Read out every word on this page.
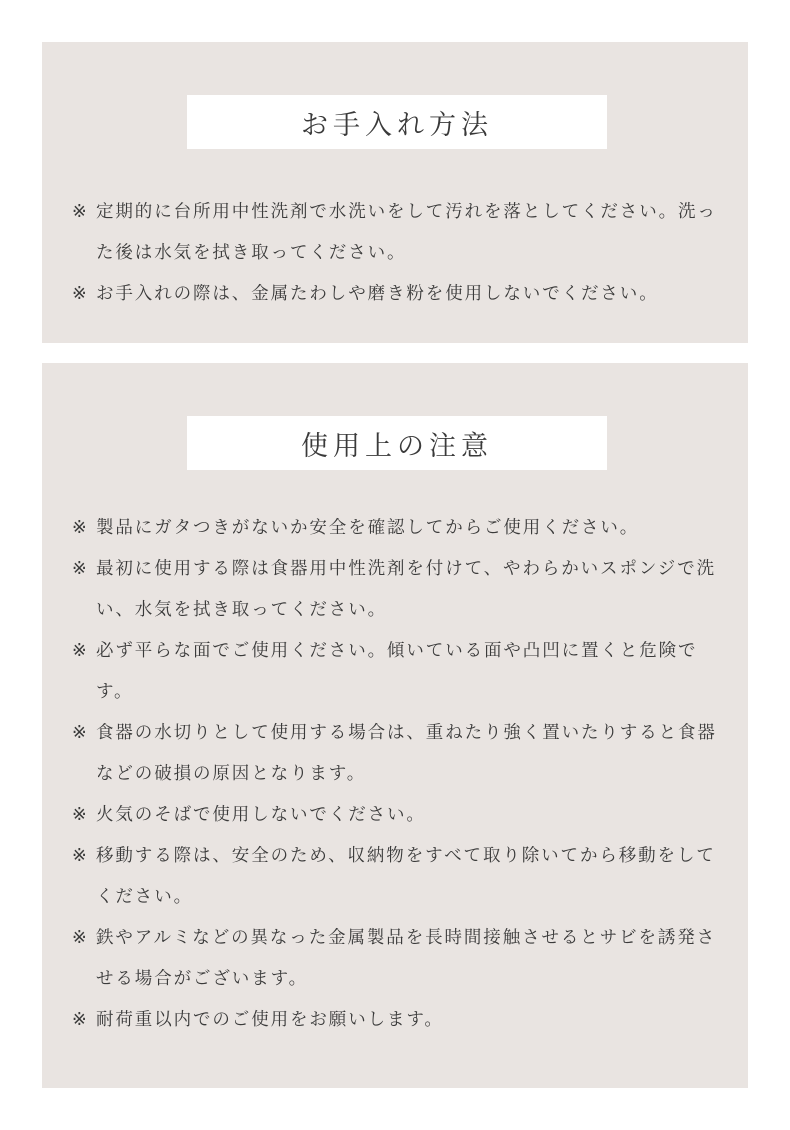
お手入れ方法
※ 定期的に台所用中性洗剤で水洗いをして汚れを落としてください。洗った後は水気を拭き取ってください。
※ お手入れの際は、金属たわしや磨き粉を使用しないでください。
使用上の注意
※ 製品にガタつきがないか安全を確認してからご使用ください。
※ 最初に使用する際は食器用中性洗剤を付けて、やわらかいスポンジで洗い、水気を拭き取ってください。
※ 必ず平らな面でご使用ください。傾いている面や凸凹に置くと危険です。
※ 食器の水切りとして使用する場合は、重ねたり強く置いたりすると食器などの破損の原因となります。
※ 火気のそばで使用しないでください。
※ 移動する際は、安全のため、収納物をすべて取り除いてから移動をしてください。
※ 鉄やアルミなどの異なった金属製品を長時間接触させるとサビを誘発させる場合がございます。
※ 耐荷重以内でのご使用をお願いします。
